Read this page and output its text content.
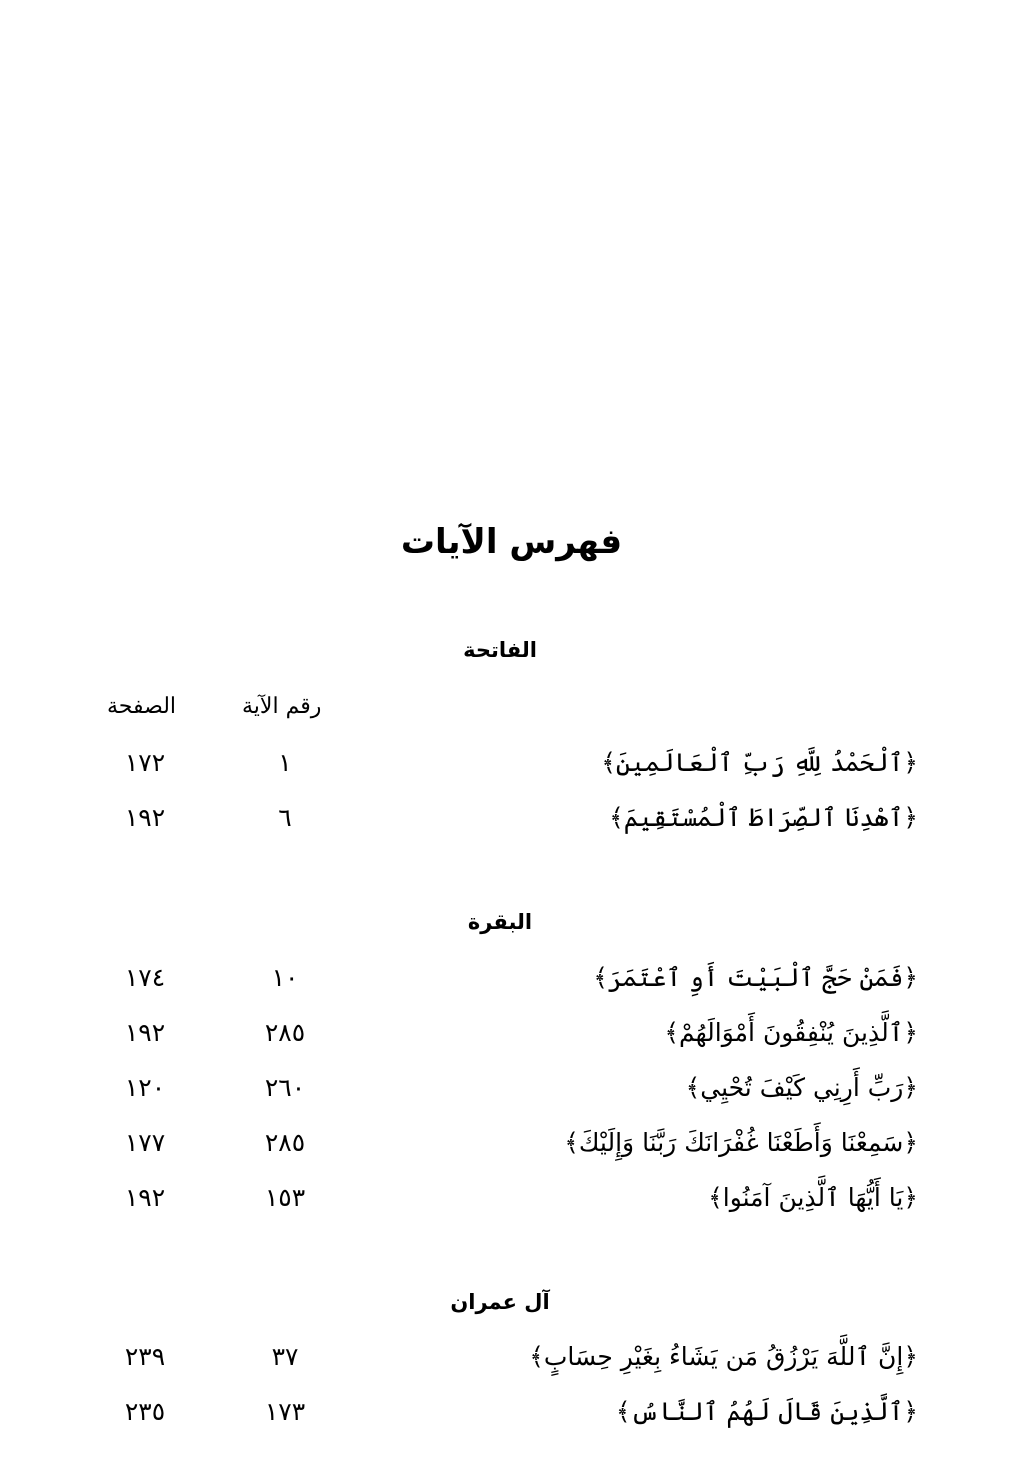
فهرس الآيات
الفاتحة
رقم الآية
الصفحة
﴿ٱلْحَمْدُ لِلَّهِ رَبِّ ٱلْعَالَمِينَ﴾
١
١٧٢
﴿ٱهْدِنَا ٱلصِّرَاطَ ٱلْمُسْتَقِيمَ﴾
٦
١٩٢
البقرة
﴿فَمَنْ حَجَّ ٱلْبَيْتَ أَوِ ٱعْتَمَرَ﴾
١٠
١٧٤
﴿ٱلَّذِينَ يُنْفِقُونَ أَمْوَالَهُمْ﴾
٢٨٥
١٩٢
﴿رَبِّ أَرِنِي كَيْفَ تُحْيِي﴾
٢٦٠
١٢٠
﴿سَمِعْنَا وَأَطَعْنَا غُفْرَانَكَ رَبَّنَا وَإِلَيْكَ﴾
٢٨٥
١٧٧
﴿يَا أَيُّهَا ٱلَّذِينَ آمَنُوا﴾
١٥٣
١٩٢
آل عمران
﴿إِنَّ ٱللَّهَ يَرْزُقُ مَن يَشَاءُ بِغَيْرِ حِسَابٍ﴾
٣٧
٢٣٩
﴿ٱلَّذِينَ قَالَ لَهُمُ ٱلنَّاسُ﴾
١٧٣
٢٣٥
